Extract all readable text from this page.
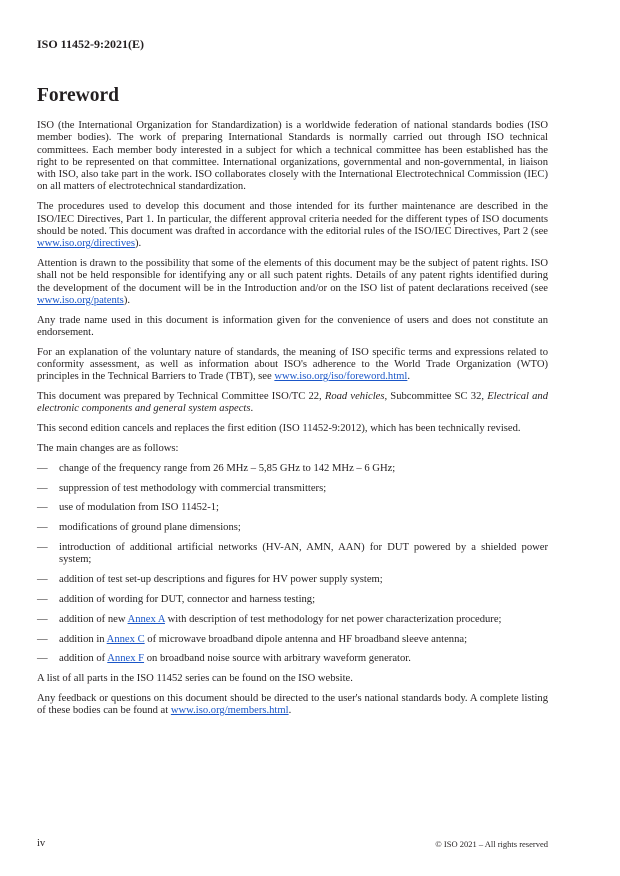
ISO 11452-9:2021(E)
Foreword

ISO (the International Organization for Standardization) is a worldwide federation of national standards bodies (ISO member bodies). The work of preparing International Standards is normally carried out through ISO technical committees. Each member body interested in a subject for which a technical committee has been established has the right to be represented on that committee. International organizations, governmental and non-governmental, in liaison with ISO, also take part in the work. ISO collaborates closely with the International Electrotechnical Commission (IEC) on all matters of electrotechnical standardization.

The procedures used to develop this document and those intended for its further maintenance are described in the ISO/IEC Directives, Part 1. In particular, the different approval criteria needed for the different types of ISO documents should be noted. This document was drafted in accordance with the editorial rules of the ISO/IEC Directives, Part 2 (see www.iso.org/directives).

Attention is drawn to the possibility that some of the elements of this document may be the subject of patent rights. ISO shall not be held responsible for identifying any or all such patent rights. Details of any patent rights identified during the development of the document will be in the Introduction and/or on the ISO list of patent declarations received (see www.iso.org/patents).

Any trade name used in this document is information given for the convenience of users and does not constitute an endorsement.

For an explanation of the voluntary nature of standards, the meaning of ISO specific terms and expressions related to conformity assessment, as well as information about ISO's adherence to the World Trade Organization (WTO) principles in the Technical Barriers to Trade (TBT), see www.iso.org/iso/foreword.html.

This document was prepared by Technical Committee ISO/TC 22, Road vehicles, Subcommittee SC 32, Electrical and electronic components and general system aspects.

This second edition cancels and replaces the first edition (ISO 11452-9:2012), which has been technically revised.

The main changes are as follows:

— change of the frequency range from 26 MHz – 5,85 GHz to 142 MHz – 6 GHz;
— suppression of test methodology with commercial transmitters;
— use of modulation from ISO 11452-1;
— modifications of ground plane dimensions;
— introduction of additional artificial networks (HV-AN, AMN, AAN) for DUT powered by a shielded power system;
— addition of test set-up descriptions and figures for HV power supply system;
— addition of wording for DUT, connector and harness testing;
— addition of new Annex A with description of test methodology for net power characterization procedure;
— addition in Annex C of microwave broadband dipole antenna and HF broadband sleeve antenna;
— addition of Annex F on broadband noise source with arbitrary waveform generator.

A list of all parts in the ISO 11452 series can be found on the ISO website.

Any feedback or questions on this document should be directed to the user's national standards body. A complete listing of these bodies can be found at www.iso.org/members.html.

iv	© ISO 2021 – All rights reserved
